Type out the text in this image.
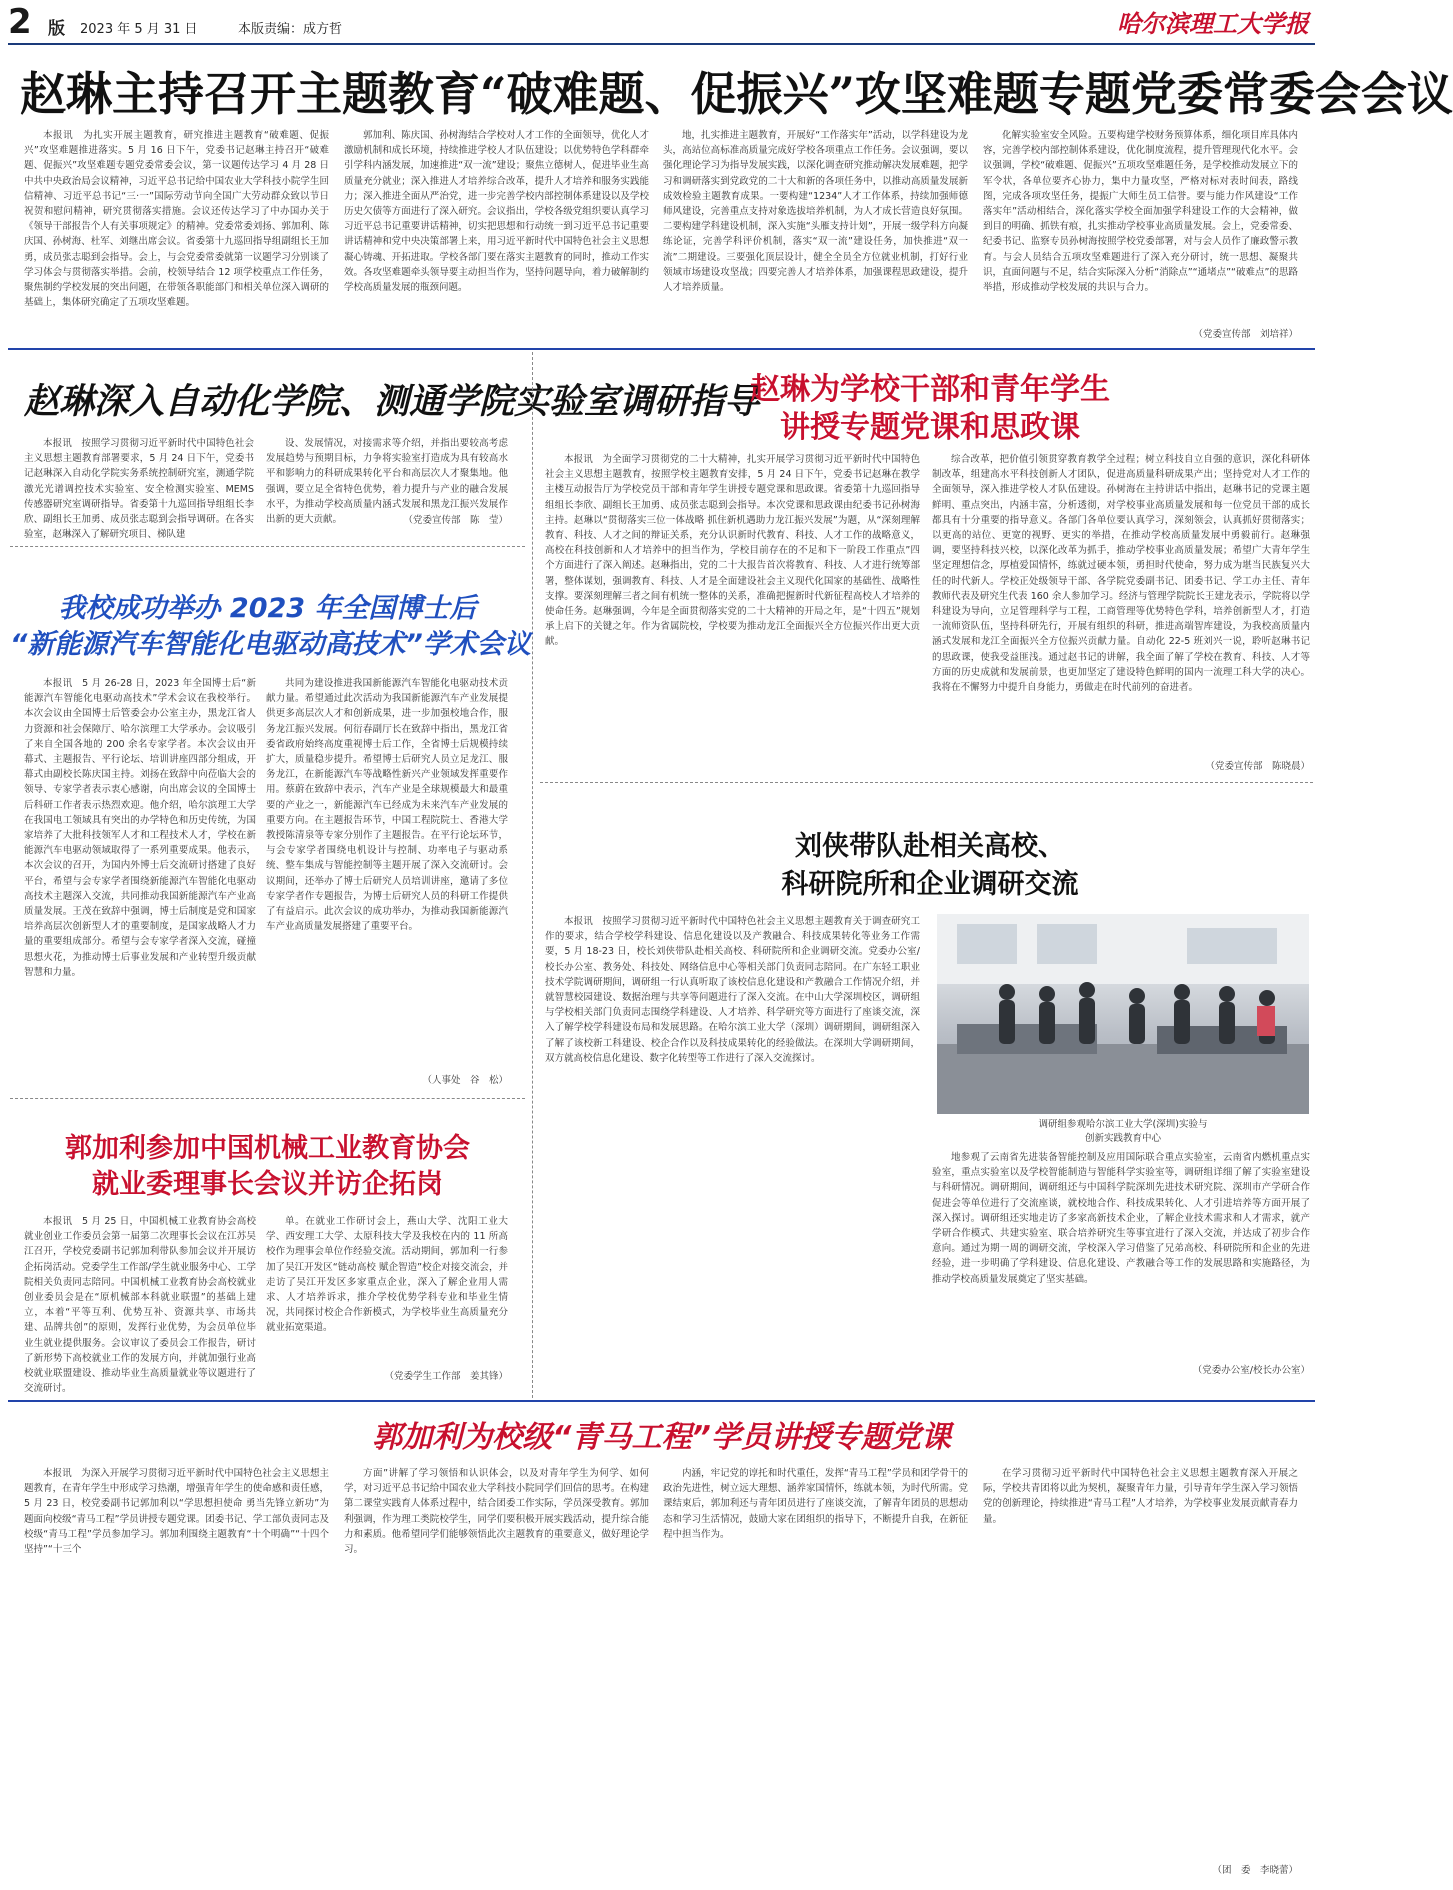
2 版 2023 年 5 月 31 日	本版责编：成方哲	哈尔滨理工大学报
赵琳主持召开主题教育“破难题、促振兴”攻坚难题专题党委常委会会议

本报讯　为扎实开展主题教育，研究推进主题教育“破难题、促振兴”攻坚难题推进落实。5 月 16 日下午，党委书记赵琳主持召开“破难题、促振兴”攻坚难题专题党委常委会议，第一议题传达学习 4 月 28 日中共中央政治局会议精神，习近平总书记给中国农业大学科技小院学生回信精神、习近平总书记“三·一”国际劳动节向全国广大劳动群众致以节日祝贺和慰问精神，研究贯彻落实措施。会议还传达学习了中办国办关于《领导干部报告个人有关事项规定》的精神。党委常委刘扬、郭加利、陈庆国、孙树海、杜军、刘继出席会议。省委第十九巡回指导组副组长王加勇，成员张志聪到会指导。会上，与会党委常委就第一议题学习分别谈了学习体会与贯彻落实举措。会前，校领导结合 12 项学校重点工作任务，聚焦制约学校发展的突出问题，在带领各职能部门和相关单位深入调研的基础上，集体研究确定了五项攻坚难题。

郭加利、陈庆国、孙树海结合学校对人才工作的全面领导，优化人才激励机制和成长环境，持续推进学校人才队伍建设；以优势特色学科群牵引学科内涵发展，加速推进“双一流”建设；聚焦立德树人，促进毕业生高质量充分就业；深入推进人才培养综合改革，提升人才培养和服务实践能力；深入推进全面从严治党，进一步完善学校内部控制体系建设以及学校历史欠债等方面进行了深入研究。会议指出，学校各级党组织要认真学习习近平总书记重要讲话精神，切实把思想和行动统一到习近平总书记重要讲话精神和党中央决策部署上来，用习近平新时代中国特色社会主义思想凝心铸魂、开拓进取。学校各部门要在落实主题教育的同时，推动工作实效。各攻坚难题牵头领导要主动担当作为，坚持问题导向，着力破解制约学校高质量发展的瓶颈问题。

地，扎实推进主题教育，开展好“工作落实年”活动，以学科建设为龙头，高站位高标准高质量完成好学校各项重点工作任务。会议强调，要以强化理论学习为指导发展实践，以深化调查研究推动解决发展难题，把学习和调研落实到党政党的二十大和新的各项任务中，以推动高质量发展新成效检验主题教育成果。一要构建“1234”人才工作体系，持续加强师德师风建设，完善重点支持对象选拔培养机制，为人才成长营造良好氛围。二要构建学科建设机制，深入实施“头雁支持计划”，开展一级学科方向凝练论证，完善学科评价机制，落实“双一流”建设任务，加快推进“双一流”二期建设。三要强化顶层设计，健全全员全方位就业机制，打好行业领域市场建设攻坚战；四要完善人才培养体系，加强课程思政建设，提升人才培养质量。

化解实验室安全风险。五要构建学校财务预算体系，细化项目库具体内容，完善学校内部控制体系建设，优化制度流程，提升管理现代化水平。会议强调，学校“破难题、促振兴”五项攻坚难题任务，是学校推动发展立下的军令状，各单位要齐心协力，集中力量攻坚，严格对标对表时间表，路线图，完成各项攻坚任务，提振广大师生员工信誉。要与能力作风建设“工作落实年”活动相结合，深化落实学校全面加强学科建设工作的大会精神，做到目的明确、抓铁有痕，扎实推动学校事业高质量发展。会上，党委常委、纪委书记、监察专员孙树海按照学校党委部署，对与会人员作了廉政警示教育。与会人员结合五项攻坚难题进行了深入充分研讨，统一思想、凝聚共识，直面问题与不足，结合实际深入分析“消除点”“通堵点”“破难点”的思路举措，形成推动学校发展的共识与合力。

（党委宣传部　刘培祥）
赵琳深入自动化学院、测通学院实验室调研指导

本报讯　按照学习贯彻习近平新时代中国特色社会主义思想主题教育部署要求，5 月 24 日下午，党委书记赵琳深入自动化学院实务系统控制研究室，测通学院激光光谱调控技术实验室、安全检测实验室、MEMS 传感器研究室调研指导。省委第十九巡回指导组组长李欣、副组长王加勇、成员张志聪到会指导调研。在各实验室，赵琳深入了解研究项目、梯队建

设、发展情况，对接需求等介绍，并指出要较高考虑发展趋势与预期目标，力争将实验室打造成为具有较高水平和影响力的科研成果转化平台和高层次人才聚集地。他强调，要立足全省特色优势，着力提升与产业的融合发展水平，为推动学校高质量内涵式发展和黑龙江振兴发展作出新的更大贡献。	（党委宣传部　陈　莹）
赵琳为学校干部和青年学生
讲授专题党课和思政课

本报讯　为全面学习贯彻党的二十大精神，扎实开展学习贯彻习近平新时代中国特色社会主义思想主题教育，按照学校主题教育安排，5 月 24 日下午，党委书记赵琳在教学主楼互动报告厅为学校党员干部和青年学生讲授专题党课和思政课。省委第十九巡回指导组组长李欣、副组长王加勇、成员张志聪到会指导。本次党课和思政课由纪委书记孙树海主持。赵琳以“贯彻落实三位一体战略 抓住新机遇助力龙江振兴发展”为题，从“深刻理解教育、科技、人才之间的辩证关系，充分认识新时代教育、科技、人才工作的战略意义，高校在科技创新和人才培养中的担当作为，学校目前存在的不足和下一阶段工作重点”四个方面进行了深入阐述。赵琳指出，党的二十大报告首次将教育、科技、人才进行统筹部署，整体谋划，强调教育、科技、人才是全面建设社会主义现代化国家的基础性、战略性支撑。要深刻理解三者之间有机统一整体的关系，准确把握新时代新征程高校人才培养的使命任务。赵琳强调，今年是全面贯彻落实党的二十大精神的开局之年，是“十四五”规划承上启下的关键之年。作为省属院校，学校要为推动龙江全面振兴全方位振兴作出更大贡献。

综合改革，把价值引领贯穿教育教学全过程；树立科技自立自强的意识，深化科研体制改革，组建高水平科技创新人才团队，促进高质量科研成果产出；坚持党对人才工作的全面领导，深入推进学校人才队伍建设。孙树海在主持讲话中指出，赵琳书记的党课主题鲜明、重点突出，内涵丰富，分析透彻，对学校事业高质量发展和每一位党员干部的成长都具有十分重要的指导意义。各部门各单位要认真学习，深刻领会，认真抓好贯彻落实；以更高的站位、更宽的视野、更实的举措，在推动学校高质量发展中勇毅前行。赵琳强调，要坚持科技兴校，以深化改革为抓手，推动学校事业高质量发展；希望广大青年学生坚定理想信念，厚植爱国情怀，练就过硬本领，勇担时代使命，努力成为堪当民族复兴大任的时代新人。学校正处级领导干部、各学院党委副书记、团委书记、学工办主任、青年教师代表及研究生代表 160 余人参加学习。经济与管理学院院长王建龙表示，学院将以学科建设为导向，立足管理科学与工程，工商管理等优势特色学科，培养创新型人才，打造一流师资队伍，坚持科研先行，开展有组织的科研，推进高端智库建设，为我校高质量内涵式发展和龙江全面振兴全方位振兴贡献力量。自动化 22-5 班刘兴一说，聆听赵琳书记的思政课，使我受益匪浅。通过赵书记的讲解，我全面了解了学校在教育、科技、人才等方面的历史成就和发展前景，也更加坚定了建设特色鲜明的国内一流理工科大学的决心。我将在不懈努力中提升自身能力，勇做走在时代前列的奋进者。

（党委宣传部　陈晓晨）
我校成功举办 2023 年全国博士后
“新能源汽车智能化电驱动高技术”学术会议

本报讯　5 月 26-28 日，2023 年全国博士后“新能源汽车智能化电驱动高技术”学术会议在我校举行。本次会议由全国博士后管委会办公室主办，黑龙江省人力资源和社会保障厅、哈尔滨理工大学承办。会议吸引了来自全国各地的 200 余名专家学者。本次会议由开幕式、主题报告、平行论坛、培训讲座四部分组成，开幕式由副校长陈庆国主持。刘扬在致辞中向莅临大会的领导、专家学者表示衷心感谢，向出席会议的全国博士后科研工作者表示热烈欢迎。他介绍，哈尔滨理工大学在我国电工领域具有突出的办学特色和历史传统，为国家培养了大批科技领军人才和工程技术人才，学校在新能源汽车电驱动领域取得了一系列重要成果。他表示，本次会议的召开，为国内外博士后交流研讨搭建了良好平台，希望与会专家学者围绕新能源汽车智能化电驱动高技术主题深入交流，共同推动我国新能源汽车产业高质量发展。王茂在致辞中强调，博士后制度是党和国家培养高层次创新型人才的重要制度，是国家战略人才力量的重要组成部分。希望与会专家学者深入交流，碰撞思想火花，为推动博士后事业发展和产业转型升级贡献智慧和力量。

共同为建设推进我国新能源汽车智能化电驱动技术贡献力量。希望通过此次活动为我国新能源汽车产业发展提供更多高层次人才和创新成果，进一步加强校地合作，服务龙江振兴发展。何衍春副厅长在致辞中指出，黑龙江省委省政府始终高度重视博士后工作，全省博士后规模持续扩大，质量稳步提升。希望博士后研究人员立足龙江、服务龙江，在新能源汽车等战略性新兴产业领域发挥重要作用。蔡蔚在致辞中表示，汽车产业是全球规模最大和最重要的产业之一，新能源汽车已经成为未来汽车产业发展的重要方向。在主题报告环节，中国工程院院士、香港大学教授陈清泉等专家分别作了主题报告。在平行论坛环节，与会专家学者围绕电机设计与控制、功率电子与驱动系统、整车集成与智能控制等主题开展了深入交流研讨。会议期间，还举办了博士后研究人员培训讲座，邀请了多位专家学者作专题报告，为博士后研究人员的科研工作提供了有益启示。此次会议的成功举办，为推动我国新能源汽车产业高质量发展搭建了重要平台。

（人事处　谷　松）
刘侠带队赴相关高校、
科研院所和企业调研交流

本报讯　按照学习贯彻习近平新时代中国特色社会主义思想主题教育关于调查研究工作的要求，结合学校学科建设、信息化建设以及产教融合、科技成果转化等业务工作需要，5 月 18-23 日，校长刘侠带队赴相关高校、科研院所和企业调研交流。党委办公室/校长办公室、教务处、科技处、网络信息中心等相关部门负责同志陪同。在广东轻工职业技术学院调研期间，调研组一行认真听取了该校信息化建设和产教融合工作情况介绍，并就智慧校园建设、数据治理与共享等问题进行了深入交流。在中山大学深圳校区，调研组与学校相关部门负责同志围绕学科建设、人才培养、科学研究等方面进行了座谈交流，深入了解学校学科建设布局和发展思路。在哈尔滨工业大学（深圳）调研期间，调研组深入了解了该校新工科建设、校企合作以及科技成果转化的经验做法。在深圳大学调研期间，双方就高校信息化建设、数字化转型等工作进行了深入交流探讨。

调研组参观哈尔滨工业大学(深圳)实验与
创新实践教育中心

地参观了云南省先进装备智能控制及应用国际联合重点实验室，云南省内燃机重点实验室，重点实验室以及学校智能制造与智能科学实验室等，调研组详细了解了实验室建设与科研情况。调研期间，调研组还与中国科学院深圳先进技术研究院、深圳市产学研合作促进会等单位进行了交流座谈，就校地合作、科技成果转化、人才引进培养等方面开展了深入探讨。调研组还实地走访了多家高新技术企业，了解企业技术需求和人才需求，就产学研合作模式、共建实验室、联合培养研究生等事宜进行了深入交流，并达成了初步合作意向。通过为期一周的调研交流，学校深入学习借鉴了兄弟高校、科研院所和企业的先进经验，进一步明确了学科建设、信息化建设、产教融合等工作的发展思路和实施路径，为推动学校高质量发展奠定了坚实基础。

（党委办公室/校长办公室）
郭加利参加中国机械工业教育协会
就业委理事长会议并访企拓岗

本报讯　5 月 25 日，中国机械工业教育协会高校就业创业工作委员会第一届第二次理事长会议在江苏吴江召开，学校党委副书记郭加利带队参加会议并开展访企拓岗活动。党委学生工作部/学生就业服务中心、工学院相关负责同志陪同。中国机械工业教育协会高校就业创业委员会是在“原机械部本科就业联盟”的基础上建立，本着“平等互利、优势互补、资源共享、市场共建、品牌共创”的原则，发挥行业优势，为会员单位毕业生就业提供服务。会议审议了委员会工作报告，研讨了新形势下高校就业工作的发展方向，并就加强行业高校就业联盟建设、推动毕业生高质量就业等议题进行了交流研讨。

单。在就业工作研讨会上，燕山大学、沈阳工业大学、西安理工大学、太原科技大学及我校在内的 11 所高校作为理事会单位作经验交流。活动期间，郭加利一行参加了吴江开发区“链动高校 赋企智造”校企对接交流会，并走访了吴江开发区多家重点企业，深入了解企业用人需求、人才培养诉求，推介学校优势学科专业和毕业生情况，共同探讨校企合作新模式，为学校毕业生高质量充分就业拓宽渠道。

（党委学生工作部　姜其锋）
郭加利为校级“青马工程”学员讲授专题党课

本报讯　为深入开展学习贯彻习近平新时代中国特色社会主义思想主题教育，在青年学生中形成学习热潮，增强青年学生的使命感和责任感，5 月 23 日，校党委副书记郭加利以“学思想担使命 勇当先锋立新功”为题面向校级“青马工程”学员讲授专题党课。团委书记、学工部负责同志及校级“青马工程”学员参加学习。郭加利围绕主题教育“十个明确”“十四个坚持”“十三个

方面”讲解了学习领悟和认识体会，以及对青年学生为何学、如何学，对习近平总书记给中国农业大学科技小院同学们回信的思考。在构建第二课堂实践育人体系过程中，结合团委工作实际，学员深受教育。郭加利强调，作为理工类院校学生，同学们要积极开展实践活动，提升综合能力和素质。他希望同学们能够领悟此次主题教育的重要意义，做好理论学习。

内涵，牢记党的谆托和时代重任，发挥“青马工程”学员和团学骨干的政治先进性，树立远大理想、涵养家国情怀，练就本领，为时代所需。党课结束后，郭加利还与青年团员进行了座谈交流，了解青年团员的思想动态和学习生活情况，鼓励大家在团组织的指导下，不断提升自我，在新征程中担当作为。

在学习贯彻习近平新时代中国特色社会主义思想主题教育深入开展之际，学校共青团将以此为契机，凝聚青年力量，引导青年学生深入学习领悟党的创新理论，持续推进“青马工程”人才培养，为学校事业发展贡献青春力量。

（团　委　李晓蕾）
